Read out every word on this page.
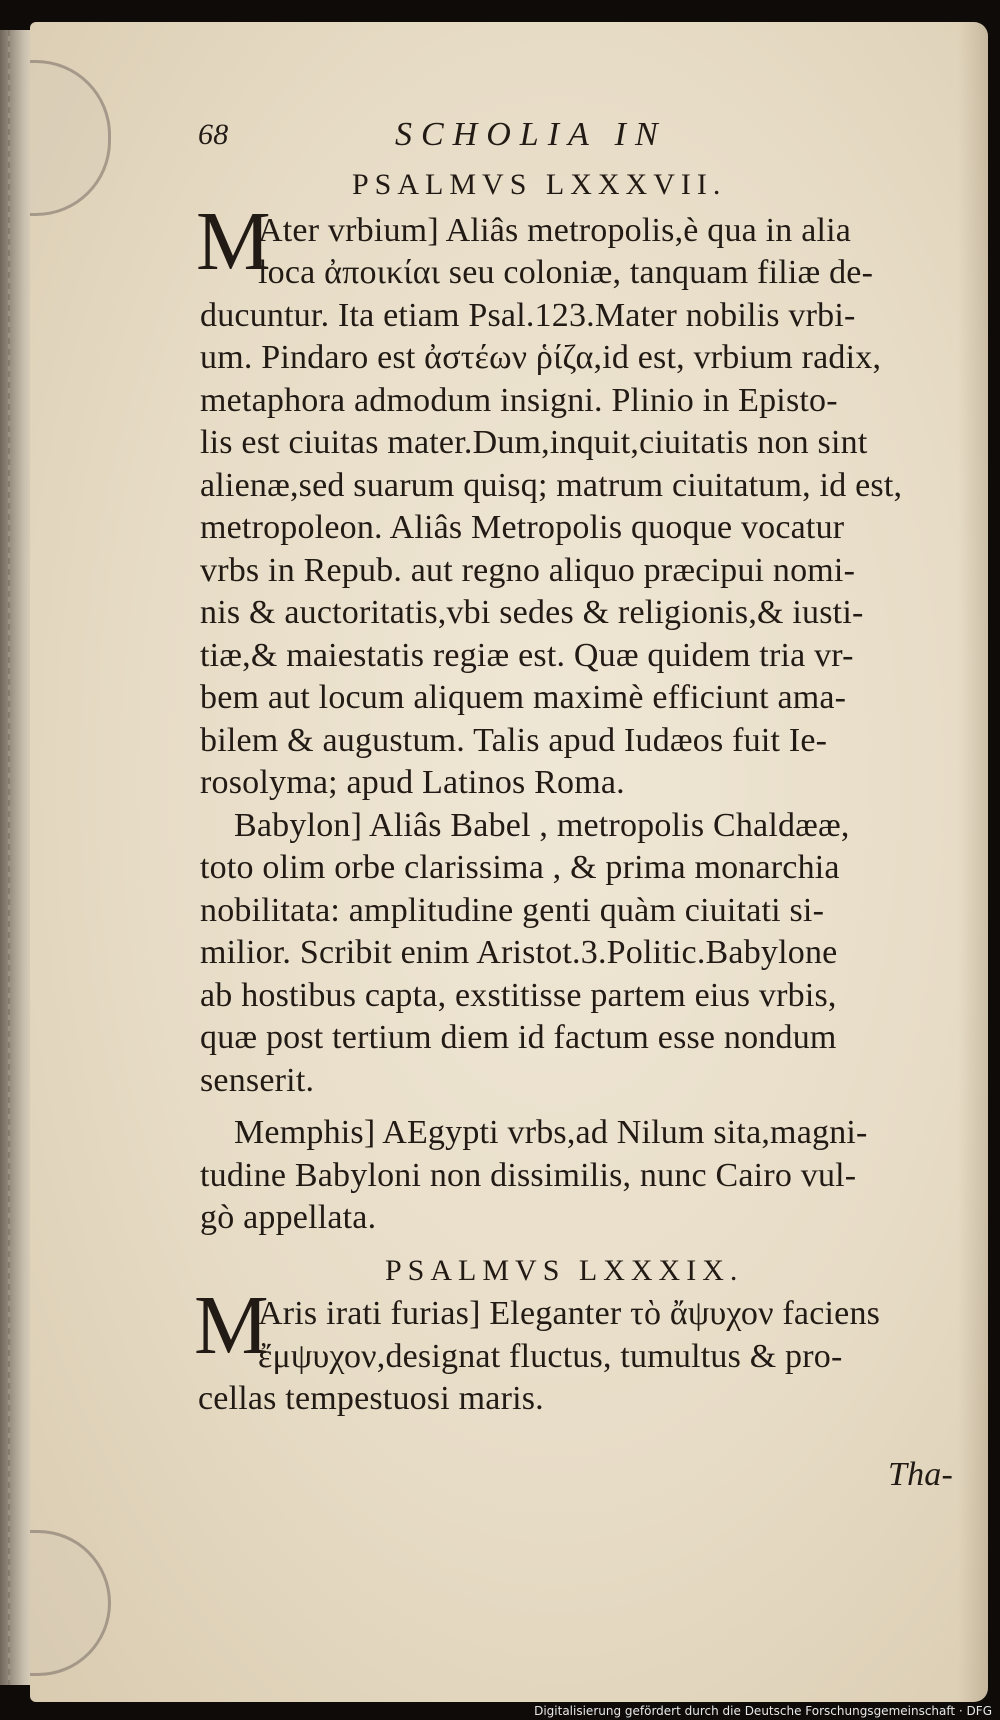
68	SCHOLIA IN
PSALMVS LXXXVII.
M
Ater vrbium] Aliâs metropolis,è qua in alia
loca ἀποικίαι seu coloniæ, tanquam filiæ de-
ducuntur. Ita etiam Psal.123.Mater nobilis vrbi-
um. Pindaro est ἀστέων ῥίζα,id est, vrbium radix,
metaphora admodum insigni. Plinio in Episto-
lis est ciuitas mater.Dum,inquit,ciuitatis non sint
alienæ,sed suarum quisq; matrum ciuitatum, id est,
metropoleon. Aliâs Metropolis quoque vocatur
vrbs in Repub. aut regno aliquo præcipui nomi-
nis & auctoritatis,vbi sedes & religionis,& iusti-
tiæ,& maiestatis regiæ est. Quæ quidem tria vr-
bem aut locum aliquem maximè efficiunt ama-
bilem & augustum. Talis apud Iudæos fuit Ie-
rosolyma; apud Latinos Roma.
Babylon] Aliâs Babel , metropolis Chaldææ,
toto olim orbe clarissima , & prima monarchia
nobilitata: amplitudine genti quàm ciuitati si-
milior. Scribit enim Aristot.3.Politic.Babylone
ab hostibus capta, exstitisse partem eius vrbis,
quæ post tertium diem id factum esse nondum
senserit.
Memphis] AEgypti vrbs,ad Nilum sita,magni-
tudine Babyloni non dissimilis, nunc Cairo vul-
gò appellata.
PSALMVS LXXXIX.
M
Aris irati furias] Eleganter τὸ ἄψυχον faciens
ἔμψυχον,designat fluctus, tumultus & pro-
cellas tempestuosi maris.
Tha-
Digitalisierung gefördert durch die Deutsche Forschungsgemeinschaft · DFG
